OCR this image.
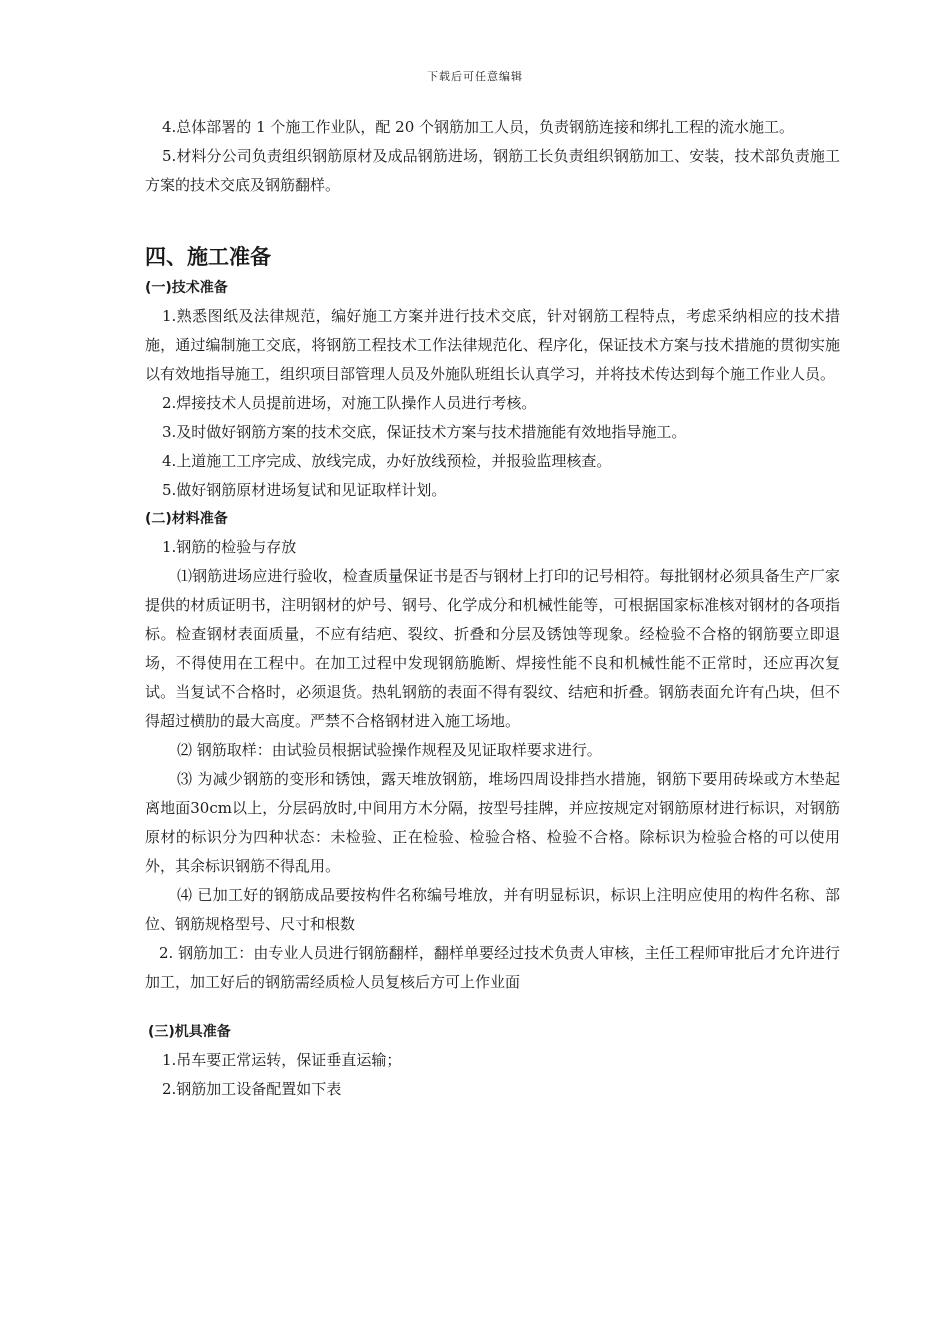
下载后可任意编辑

4.总体部署的 1 个施工作业队，配 20 个钢筋加工人员，负责钢筋连接和绑扎工程的流水施工。

5.材料分公司负责组织钢筋原材及成品钢筋进场，钢筋工长负责组织钢筋加工、安装，技术部负责施工方案的技术交底及钢筋翻样。

四、施工准备
(一)技术准备

1.熟悉图纸及法律规范，编好施工方案并进行技术交底，针对钢筋工程特点，考虑采纳相应的技术措施，通过编制施工交底，将钢筋工程技术工作法律规范化、程序化，保证技术方案与技术措施的贯彻实施以有效地指导施工，组织项目部管理人员及外施队班组长认真学习，并将技术传达到每个施工作业人员。

2.焊接技术人员提前进场，对施工队操作人员进行考核。

3.及时做好钢筋方案的技术交底，保证技术方案与技术措施能有效地指导施工。

4.上道施工工序完成、放线完成，办好放线预检，并报验监理核查。

5.做好钢筋原材进场复试和见证取样计划。

(二)材料准备

1.钢筋的检验与存放

⑴钢筋进场应进行验收，检查质量保证书是否与钢材上打印的记号相符。每批钢材必须具备生产厂家提供的材质证明书，注明钢材的炉号、钢号、化学成分和机械性能等，可根据国家标准核对钢材的各项指标。检查钢材表面质量，不应有结疤、裂纹、折叠和分层及锈蚀等现象。经检验不合格的钢筋要立即退场，不得使用在工程中。在加工过程中发现钢筋脆断、焊接性能不良和机械性能不正常时，还应再次复试。当复试不合格时，必须退货。热轧钢筋的表面不得有裂纹、结疤和折叠。钢筋表面允许有凸块，但不得超过横肋的最大高度。严禁不合格钢材进入施工场地。

⑵ 钢筋取样：由试验员根据试验操作规程及见证取样要求进行。

⑶ 为减少钢筋的变形和锈蚀，露天堆放钢筋，堆场四周设排挡水措施，钢筋下要用砖垛或方木垫起离地面30cm以上，分层码放时,中间用方木分隔，按型号挂牌，并应按规定对钢筋原材进行标识，对钢筋原材的标识分为四种状态：未检验、正在检验、检验合格、检验不合格。除标识为检验合格的可以使用外，其余标识钢筋不得乱用。

⑷ 已加工好的钢筋成品要按构件名称编号堆放，并有明显标识，标识上注明应使用的构件名称、部位、钢筋规格型号、尺寸和根数

2. 钢筋加工：由专业人员进行钢筋翻样，翻样单要经过技术负责人审核，主任工程师审批后才允许进行加工，加工好后的钢筋需经质检人员复核后方可上作业面

(三)机具准备

1.吊车要正常运转，保证垂直运输；

2.钢筋加工设备配置如下表
